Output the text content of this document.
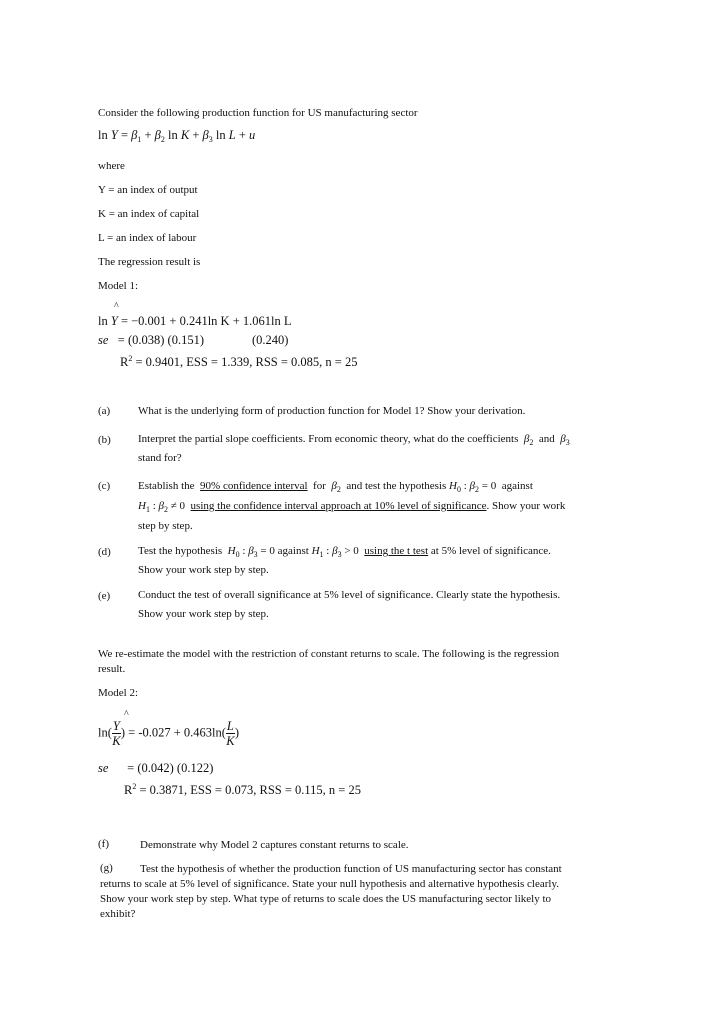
Consider the following production function for US manufacturing sector
$\ln Y = \beta_1 + \beta_2$ $\ln K + \beta_3$ ln L + u
where
Y = an index of output
K = an index of capital
L = an index of labour
The regression result is
Model 1:
^
ln Y = −0.001 + 0.241ln K + 1.061ln L
se = (0.038) (0.151)	(0.240)
$R^2 = 0.9401$, ESS = 1.339, RSS = 0.085, n = 25
(a)	What is the underlying form of production function for Model 1? Show your derivation.
(b) Interpret the partial slope coefficients. From economic theory, what do the coefficients $\beta_2$ and $\beta_3$
stand for?
(c)	Establish the 90% confidence interval for $\beta_2$ and test the hypothesis $H_0$ : $\beta_2 = 0$  against
$H_1$ : $\beta_2 \ne 0$  using the confidence interval approach at 10% level of significance. Show your work
step by step.
(d) Test the hypothesis $H_0$ : $\beta_3 = 0$ against $H_1$ : $\beta_3 > 0$  using the t test at 5% level of significance.
Show your work step by step.
(e)	Conduct the test of overall significance at 5% level of significance. Clearly state the hypothesis.
Show your work step by step.
We re-estimate the model with the restriction of constant returns to scale. The following is the regression
result.
Model 2:
^
$\ln( \frac{Y}{K}$ ) = $-0.027 + 0.463\ln( \frac{L}{K}$ )
se = (0.042) (0.122)
$R^2 = 0.3871$, ESS = 0.073, RSS = 0.115, n = 25
(f)	Demonstrate why Model 2 captures constant returns to scale.
(g) Test the hypothesis of whether the production function of US manufacturing sector has constant
returns to scale at 5% level of significance. State your null hypothesis and alternative hypothesis clearly.
Show your work step by step. What type of returns to scale does the US manufacturing sector likely to
exhibit?
